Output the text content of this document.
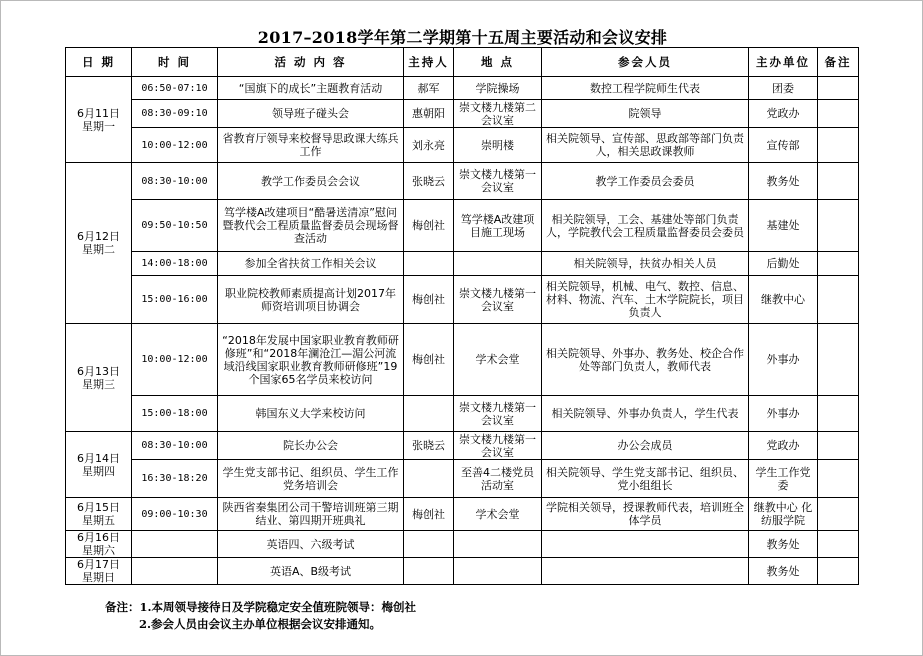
2017–2018学年第二学期第十五周主要活动和会议安排
日 期	时 间	活 动 内 容	主持人	地 点	参会人员	主办单位	备注

6月11日
星期一	06:50-07:10	“国旗下的成长”主题教育活动	郝军	学院操场	数控工程学院师生代表	团委	
	08:30-09:10	领导班子碰头会	惠朝阳	崇文楼九楼第二会议室	院领导	党政办	
	10:00-12:00	省教育厅领导来校督导思政课大练兵工作	刘永亮	崇明楼	相关院领导、宣传部、思政部等部门负责人，相关思政课教师	宣传部	

6月12日
星期二	08:30-10:00	教学工作委员会会议	张晓云	崇文楼九楼第一会议室	教学工作委员会委员	教务处	
	09:50-10:50	笃学楼A改建项目“酷暑送清凉”慰问暨教代会工程质量监督委员会现场督查活动	梅创社	笃学楼A改建项目施工现场	相关院领导，工会、基建处等部门负责人，学院教代会工程质量监督委员会委员	基建处	
	14:00-18:00	参加全省扶贫工作相关会议			相关院领导，扶贫办相关人员	后勤处	
	15:00-16:00	职业院校教师素质提高计划2017年师资培训项目协调会	梅创社	崇文楼九楼第一会议室	相关院领导，机械、电气、数控、信息、材料、物流、汽车、土木学院院长，项目负责人	继教中心	

6月13日
星期三	10:00-12:00	“2018年发展中国家职业教育教师研修班”和“2018年澜沧江—湄公河流域沿线国家职业教育教师研修班”19个国家65名学员来校访问	梅创社	学术会堂	相关院领导、外事办、教务处、校企合作处等部门负责人，教师代表	外事办	
	15:00-18:00	韩国东义大学来校访问		崇文楼九楼第一会议室	相关院领导、外事办负责人，学生代表	外事办	

6月14日
星期四	08:30-10:00	院长办公会	张晓云	崇文楼九楼第一会议室	办公会成员	党政办	
	16:30-18:20	学生党支部书记、组织员、学生工作党务培训会		至善4二楼党员活动室	相关院领导、学生党支部书记、组织员、党小组组长	学生工作党委	

6月15日
星期五	09:00-10:30	陕西省秦集团公司干警培训班第三期结业、第四期开班典礼	梅创社	学术会堂	学院相关领导，授课教师代表，培训班全体学员	继教中心 化纺服学院	

6月16日
星期六		英语四、六级考试				教务处	

6月17日
星期日		英语A、B级考试				教务处	
备注：1.本周领导接待日及学院稳定安全值班院领导：梅创社
2.参会人员由会议主办单位根据会议安排通知。
